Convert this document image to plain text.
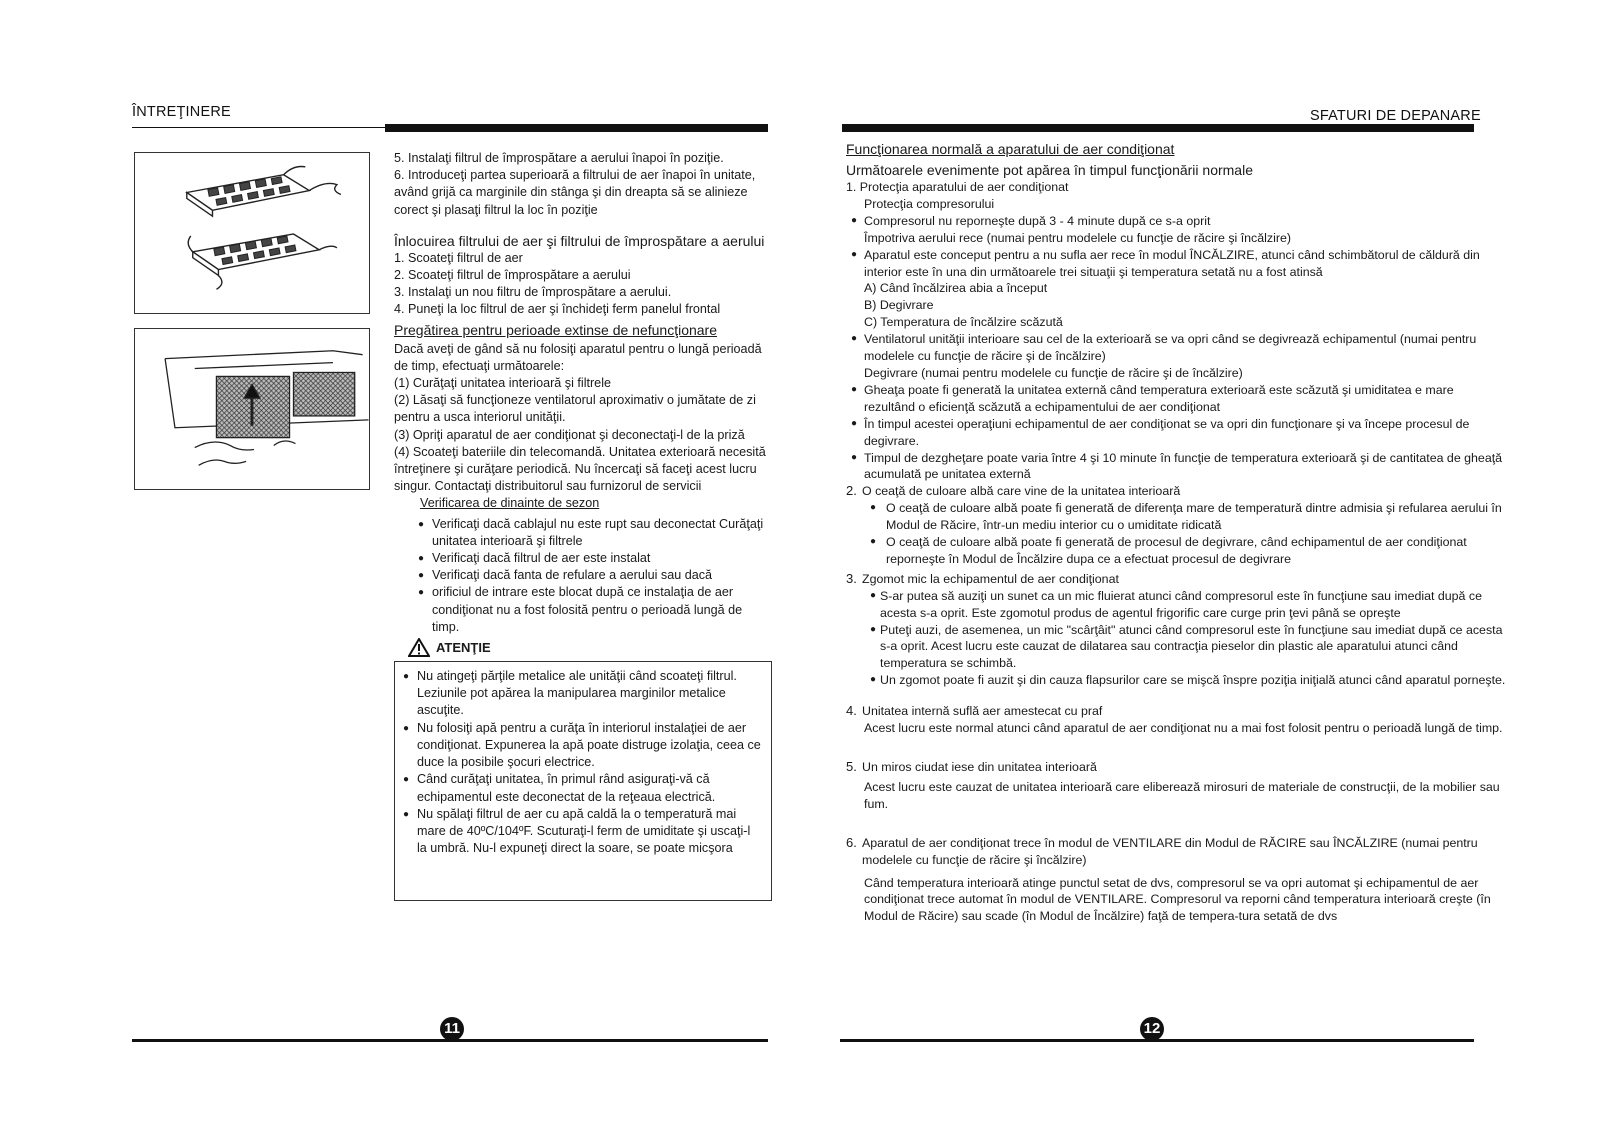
ÎNTREŢINERE

5. Instalaţi filtrul de împrospătare a aerului înapoi în poziţie.

6. Introduceţi partea superioară a filtrului de aer înapoi în unitate, având grijă ca marginile din stânga şi din dreapta să se alinieze corect şi plasaţi filtrul la loc în poziţie

Înlocuirea filtrului de aer şi filtrului de împrospătare a aerului

1. Scoateţi filtrul de aer

2. Scoateţi filtrul de împrospătare a aerului

3. Instalaţi un nou filtru de împrospătare a aerului.

4. Puneţi la loc filtrul de aer şi închideţi ferm panelul frontal

Pregătirea pentru perioade extinse de nefuncţionare

Dacă aveţi de gând să nu folosiţi aparatul pentru o lungă perioadă de timp, efectuaţi următoarele:

(1) Curăţaţi unitatea interioară şi filtrele

(2) Lăsaţi să funcţioneze ventilatorul aproximativ o jumătate de zi pentru a usca interiorul unităţii.

(3) Opriţi aparatul de aer condiţionat şi deconectaţi-l de la priză

(4) Scoateţi bateriile din telecomandă. Unitatea exterioară necesită întreţinere şi curăţare periodică. Nu încercaţi să faceţi acest lucru singur. Contactaţi distribuitorul sau furnizorul de servicii

Verificarea de dinainte de sezon

● Verificaţi dacă cablajul nu este rupt sau deconectat Curăţaţi unitatea interioară şi filtrele

● Verificaţi dacă filtrul de aer este instalat

● Verificaţi dacă fanta de refulare a aerului sau dacă

● orificiul de intrare este blocat după ce instalaţia de aer condiţionat nu a fost folosită pentru o perioadă lungă de timp.

ATENŢIE

● Nu atingeţi părţile metalice ale unităţii când scoateţi filtrul. Leziunile pot apărea la manipularea marginilor metalice ascuţite.

● Nu folosiţi apă pentru a curăţa în interiorul instalaţiei de aer condiţionat. Expunerea la apă poate distruge izolaţia, ceea ce duce la posibile şocuri electrice.

● Când curăţaţi unitatea, în primul rând asiguraţi-vă că echipamentul este deconectat de la reţeaua electrică.

● Nu spălaţi filtrul de aer cu apă caldă la o temperatură mai mare de 40ºC/104ºF. Scuturaţi-l ferm de umiditate şi uscaţi-l la umbră. Nu-l expuneţi direct la soare, se poate micşora

11
SFATURI DE DEPANARE

Funcţionarea normală a aparatului de aer condiţionat

Următoarele evenimente pot apărea în timpul funcţionării normale

1. Protecţia aparatului de aer condiţionat

Protecţia compresorului

● Compresorul nu reporneşte după 3 - 4 minute după ce s-a oprit

Împotriva aerului rece (numai pentru modelele cu funcţie de răcire şi încălzire)

● Aparatul este conceput pentru a nu sufla aer rece în modul ÎNCĂLZIRE, atunci când schimbătorul de căldură din interior este în una din următoarele trei situaţii şi temperatura setată nu a fost atinsă

A) Când încălzirea abia a început

B) Degivrare

C) Temperatura de încălzire scăzută

● Ventilatorul unităţii interioare sau cel de la exterioară se va opri când se degivrează echipamentul (numai pentru modelele cu funcţie de răcire şi de încălzire)

Degivrare (numai pentru modelele cu funcţie de răcire şi de încălzire)

● Gheaţa poate fi generată la unitatea externă când temperatura exterioară este scăzută şi umiditatea e mare rezultând o eficienţă scăzută a echipamentului de aer condiţionat

● În timpul acestei operaţiuni echipamentul de aer condiţionat se va opri din funcţionare şi va începe procesul de degivrare.

● Timpul de dezgheţare poate varia între 4 şi 10 minute în funcţie de temperatura exterioară şi de cantitatea de gheaţă acumulată pe unitatea externă

2. O ceaţă de culoare albă care vine de la unitatea interioară

● O ceaţă de culoare albă poate fi generată de diferenţa mare de temperatură dintre admisia şi refularea aerului în Modul de Răcire, într-un mediu interior cu o umiditate ridicată

● O ceaţă de culoare albă poate fi generată de procesul de degivrare, când echipamentul de aer condiţionat reporneşte în Modul de Încălzire dupa ce a efectuat procesul de degivrare

3. Zgomot mic la echipamentul de aer condiţionat

● S-ar putea să auziţi un sunet ca un mic fluierat atunci când compresorul este în funcţiune sau imediat după ce acesta s-a oprit. Este zgomotul produs de agentul frigorific care curge prin ţevi până se opreşte

● Puteţi auzi, de asemenea, un mic "scârţâit" atunci când compresorul este în funcţiune sau imediat după ce acesta s-a oprit. Acest lucru este cauzat de dilatarea sau contracţia pieselor din plastic ale aparatului atunci când temperatura se schimbă.

● Un zgomot poate fi auzit şi din cauza flapsurilor care se mişcă înspre poziţia iniţială atunci când aparatul porneşte.

4. Unitatea internă suflă aer amestecat cu praf

Acest lucru este normal atunci când aparatul de aer condiţionat nu a mai fost folosit pentru o perioadă lungă de timp.

5. Un miros ciudat iese din unitatea interioară

Acest lucru este cauzat de unitatea interioară care eliberează mirosuri de materiale de construcţii, de la mobilier sau fum.

6. Aparatul de aer condiţionat trece în modul de VENTILARE din Modul de RĂCIRE sau ÎNCĂLZIRE (numai pentru modelele cu funcţie de răcire şi încălzire)

Când temperatura interioară atinge punctul setat de dvs, compresorul se va opri automat şi echipamentul de aer condiţionat trece automat în modul de VENTILARE. Compresorul va reporni când temperatura interioară creşte (în Modul de Răcire) sau scade (în Modul de Încălzire) faţă de tempera-tura setată de dvs

12
